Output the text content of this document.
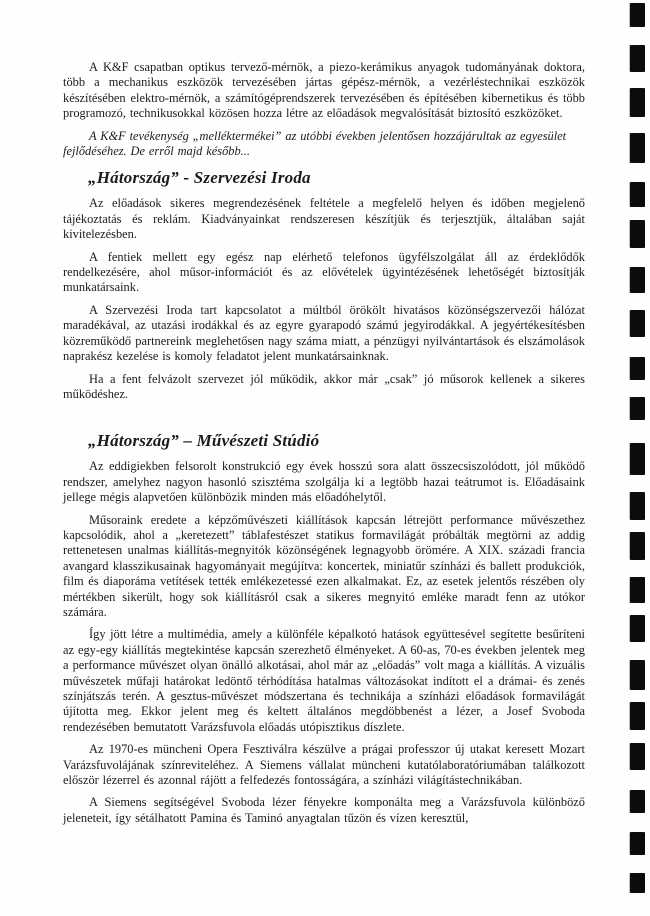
A K&F csapatban optikus tervező-mérnök, a piezo-kerámikus anyagok tudományának doktora, több a mechanikus eszközök tervezésében jártas gépész-mérnök, a vezérléstechnikai eszközök készítésében elektro-mérnök, a számítógéprendszerek tervezésében és építésében kibernetikus és több programozó, technikusokkal közösen hozza létre az előadások megvalósítását biztosító eszközöket.

A K&F tevékenység „melléktermékei” az utóbbi években jelentősen hozzájárultak az egyesület fejlődéséhez. De erről majd később...

„Hátország” - Szervezési Iroda

Az előadások sikeres megrendezésének feltétele a megfelelő helyen és időben megjelenő tájékoztatás és reklám. Kiadványainkat rendszeresen készítjük és terjesztjük, általában saját kivitelezésben.

A fentiek mellett egy egész nap elérhető telefonos ügyfélszolgálat áll az érdeklődők rendelkezésére, ahol műsor-információt és az elővételek ügyintézésének lehetőségét biztosítják munkatársaink.

A Szervezési Iroda tart kapcsolatot a múltból örökölt hivatásos közönségszervezői hálózat maradékával, az utazási irodákkal és az egyre gyarapodó számú jegyirodákkal. A jegyértékesítésben közreműködő partnereink meglehetősen nagy száma miatt, a pénzügyi nyilvántartások és elszámolások naprakész kezelése is komoly feladatot jelent munkatársainknak.

Ha a fent felvázolt szervezet jól működik, akkor már „csak” jó műsorok kellenek a sikeres működéshez.

„Hátország” – Művészeti Stúdió

Az eddigiekben felsorolt konstrukció egy évek hosszú sora alatt összecsiszolódott, jól működő rendszer, amelyhez nagyon hasonló szisztéma szolgálja ki a legtöbb hazai teátrumot is. Előadásaink jellege mégis alapvetően különbözik minden más előadóhelytől.

Műsoraink eredete a képzőművészeti kiállítások kapcsán létrejött performance művészethez kapcsolódik, ahol a „keretezett” táblafestészet statikus formavilágát próbálták megtörni az addig rettenetesen unalmas kiállítás-megnyitók közönségének legnagyobb örömére. A XIX. századi francia avangard klasszikusainak hagyományait megújítva: koncertek, miniatűr színházi és ballett produkciók, film és diaporáma vetítések tették emlékezetessé ezen alkalmakat. Ez, az esetek jelentős részében oly mértékben sikerült, hogy sok kiállításról csak a sikeres megnyitó emléke maradt fenn az utókor számára.

Így jött létre a multimédia, amely a különféle képalkotó hatások együttesével segítette besűríteni az egy-egy kiállítás megtekintése kapcsán szerezhető élményeket. A 60-as, 70-es években jelentek meg a performance művészet olyan önálló alkotásai, ahol már az „előadás” volt maga a kiállítás. A vizuális művészetek műfaji határokat ledöntő térhódítása hatalmas változásokat indított el a drámai- és zenés színjátszás terén. A gesztus-művészet módszertana és technikája a színházi előadások formavilágát újította meg. Ekkor jelent meg és keltett általános megdöbbenést a lézer, a Josef Svoboda rendezésében bemutatott Varázsfuvola előadás utópisztikus díszlete.

Az 1970-es müncheni Opera Fesztiválra készülve a prágai professzor új utakat keresett Mozart Varázsfuvolájának színreviteléhez. A Siemens vállalat müncheni kutatólaboratóriumában találkozott először lézerrel és azonnal rájött a felfedezés fontosságára, a színházi világítástechnikában.

A Siemens segítségével Svoboda lézer fényekre komponálta meg a Varázsfuvola különböző jeleneteit, így sétálhatott Pamina és Taminó anyagtalan tűzön és vízen keresztül,
